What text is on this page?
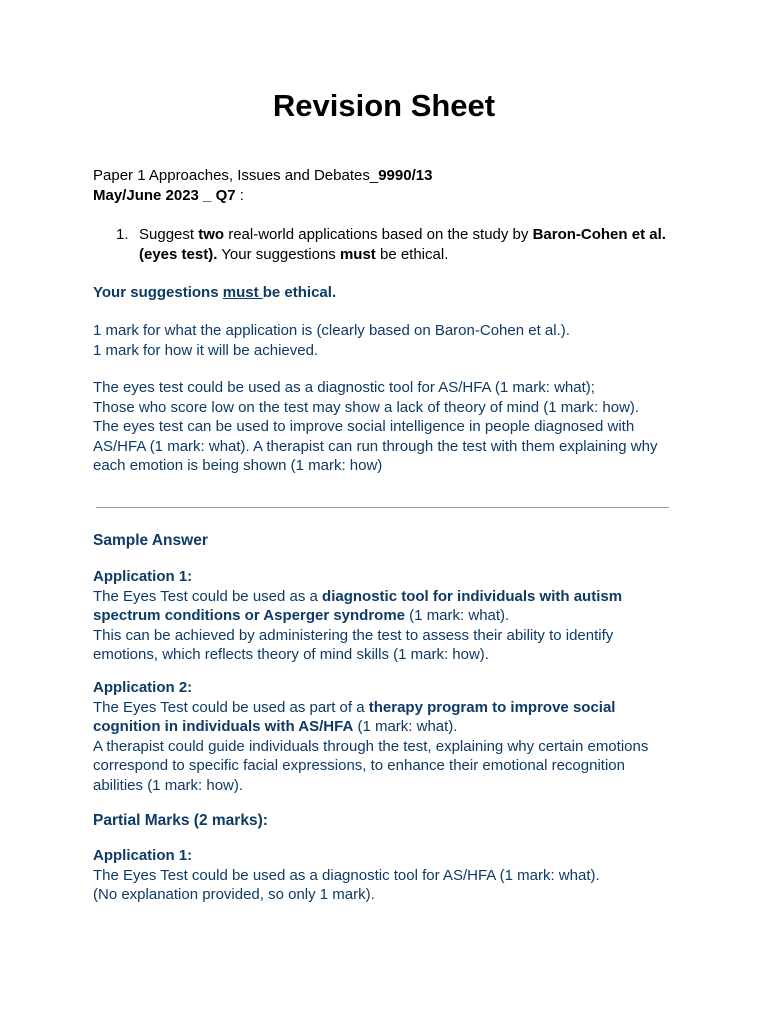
Revision Sheet

Paper 1 Approaches, Issues and Debates_9990/13

May/June 2023 _ Q7 :

1. Suggest two real-world applications based on the study by Baron-Cohen et al. (eyes test). Your suggestions must be ethical.
Your suggestions must be ethical.

1 mark for what the application is (clearly based on Baron-Cohen et al.).

1 mark for how it will be achieved.

The eyes test could be used as a diagnostic tool for AS/HFA (1 mark: what);

Those who score low on the test may show a lack of theory of mind (1 mark: how).

The eyes test can be used to improve social intelligence in people diagnosed with AS/HFA (1 mark: what). A therapist can run through the test with them explaining why each emotion is being shown (1 mark: how)

Sample Answer

Application 1:

The Eyes Test could be used as a diagnostic tool for individuals with autism spectrum conditions or Asperger syndrome (1 mark: what).

This can be achieved by administering the test to assess their ability to identify emotions, which reflects theory of mind skills (1 mark: how).

Application 2:

The Eyes Test could be used as part of a therapy program to improve social cognition in individuals with AS/HFA (1 mark: what).

A therapist could guide individuals through the test, explaining why certain emotions correspond to specific facial expressions, to enhance their emotional recognition abilities (1 mark: how).

Partial Marks (2 marks):

Application 1:

The Eyes Test could be used as a diagnostic tool for AS/HFA (1 mark: what).

(No explanation provided, so only 1 mark).
